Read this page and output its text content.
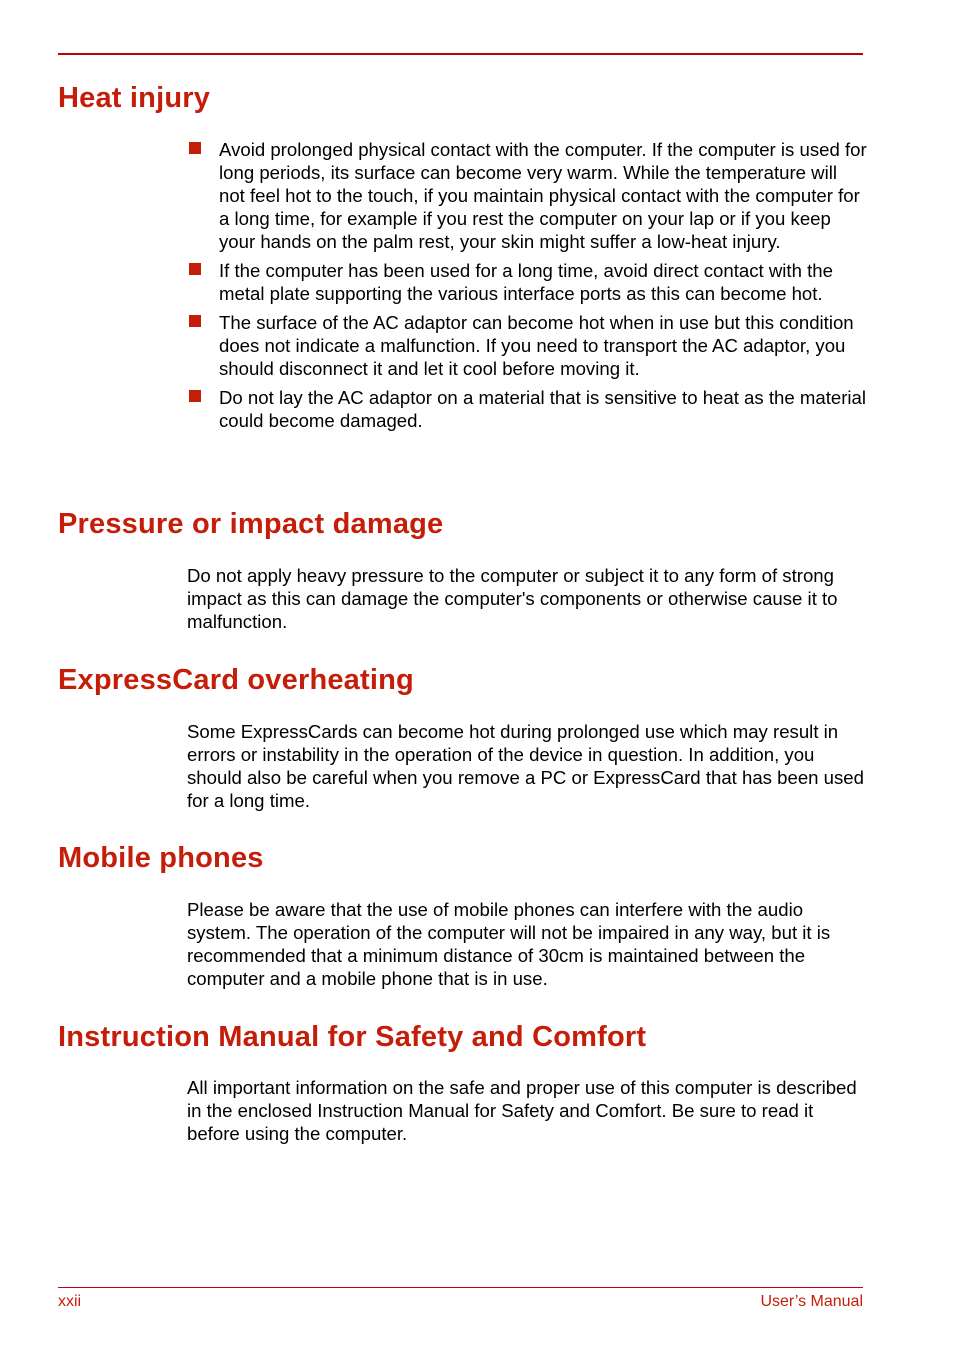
Heat injury
Avoid prolonged physical contact with the computer. If the computer is used for long periods, its surface can become very warm. While the temperature will not feel hot to the touch, if you maintain physical contact with the computer for a long time, for example if you rest the computer on your lap or if you keep your hands on the palm rest, your skin might suffer a low-heat injury.
If the computer has been used for a long time, avoid direct contact with the metal plate supporting the various interface ports as this can become hot.
The surface of the AC adaptor can become hot when in use but this condition does not indicate a malfunction. If you need to transport the AC adaptor, you should disconnect it and let it cool before moving it.
Do not lay the AC adaptor on a material that is sensitive to heat as the material could become damaged.
Pressure or impact damage

Do not apply heavy pressure to the computer or subject it to any form of strong impact as this can damage the computer's components or otherwise cause it to malfunction.

ExpressCard overheating

Some ExpressCards can become hot during prolonged use which may result in errors or instability in the operation of the device in question. In addition, you should also be careful when you remove a PC or ExpressCard that has been used for a long time.

Mobile phones

Please be aware that the use of mobile phones can interfere with the audio system. The operation of the computer will not be impaired in any way, but it is recommended that a minimum distance of 30cm is maintained between the computer and a mobile phone that is in use.

Instruction Manual for Safety and Comfort

All important information on the safe and proper use of this computer is described in the enclosed Instruction Manual for Safety and Comfort. Be sure to read it before using the computer.

xxii	User’s Manual
